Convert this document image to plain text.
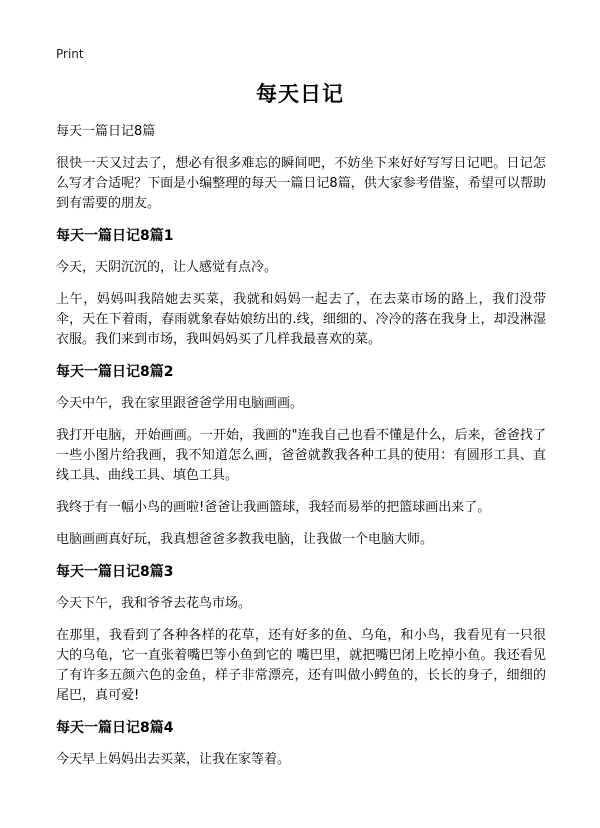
Print
每天日记

每天一篇日记8篇

很快一天又过去了，想必有很多难忘的瞬间吧，不妨坐下来好好写写日记吧。日记怎么写才合适呢？下面是小编整理的每天一篇日记8篇，供大家参考借鉴，希望可以帮助到有需要的朋友。

每天一篇日记8篇1

今天，天阴沉沉的，让人感觉有点冷。

上午，妈妈叫我陪她去买菜，我就和妈妈一起去了，在去菜市场的路上，我们没带伞，天在下着雨，春雨就象春姑娘纺出的.线，细细的、冷冷的落在我身上，却没淋湿衣服。我们来到市场，我叫妈妈买了几样我最喜欢的菜。

每天一篇日记8篇2

今天中午，我在家里跟爸爸学用电脑画画。

我打开电脑，开始画画。一开始，我画的"连我自己也看不懂是什么，后来，爸爸找了一些小图片给我画，我不知道怎么画，爸爸就教我各种工具的使用：有圆形工具、直线工具、曲线工具、填色工具。

我终于有一幅小鸟的画啦!爸爸让我画篮球，我轻而易举的把篮球画出来了。

电脑画画真好玩，我真想爸爸多教我电脑，让我做一个电脑大师。

每天一篇日记8篇3

今天下午，我和爷爷去花鸟市场。

在那里，我看到了各种各样的花草，还有好多的鱼、乌龟，和小鸟，我看见有一只很大的乌龟，它一直张着嘴巴等小鱼到它的 嘴巴里，就把嘴巴闭上吃掉小鱼。我还看见了有许多五颜六色的金鱼，样子非常漂亮，还有叫做小鳄鱼的，长长的身子，细细的尾巴，真可爱!

每天一篇日记8篇4

今天早上妈妈出去买菜，让我在家等着。
